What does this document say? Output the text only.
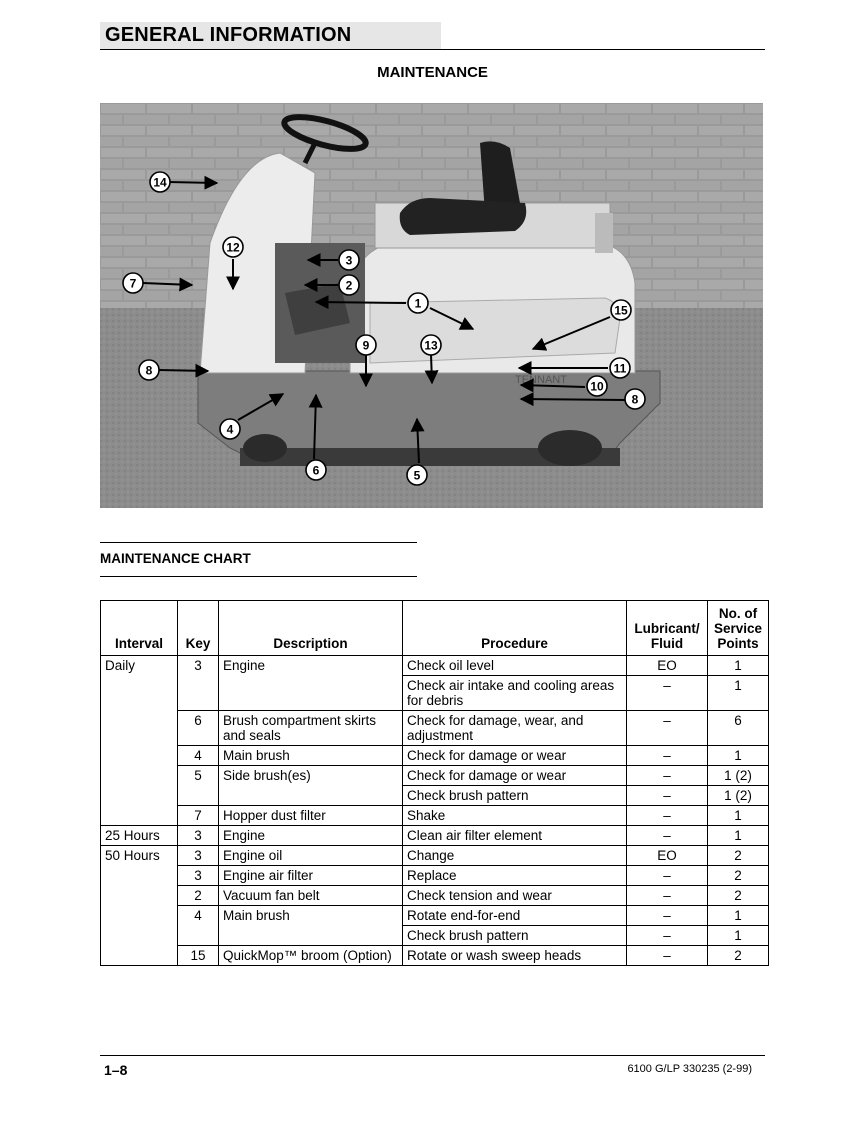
GENERAL INFORMATION
MAINTENANCE
TENNANT
14
12
3
7	2
1	15
9	13
8	11
10
8
4
6	5
MAINTENANCE CHART
Interval	Key	Description	Procedure	Lubricant/ Fluid	No. of Service Points
Daily	3	Engine	Check oil level	EO	1
			Check air intake and cooling areas for debris	–	1
	6	Brush compartment skirts and seals	Check for damage, wear, and adjustment	–	6
	4	Main brush	Check for damage or wear	–	1
	5	Side brush(es)	Check for damage or wear	–	1 (2)
			Check brush pattern	–	1 (2)
	7	Hopper dust filter	Shake	–	1
25 Hours	3	Engine	Clean air filter element	–	1
50 Hours	3	Engine oil	Change	EO	2
	3	Engine air filter	Replace	–	2
	2	Vacuum fan belt	Check tension and wear	–	2
	4	Main brush	Rotate end-for-end	–	1
			Check brush pattern	–	1
	15	QuickMop™ broom (Option)	Rotate or wash sweep heads	–	2
1–8	6100 G/LP 330235 (2-99)
